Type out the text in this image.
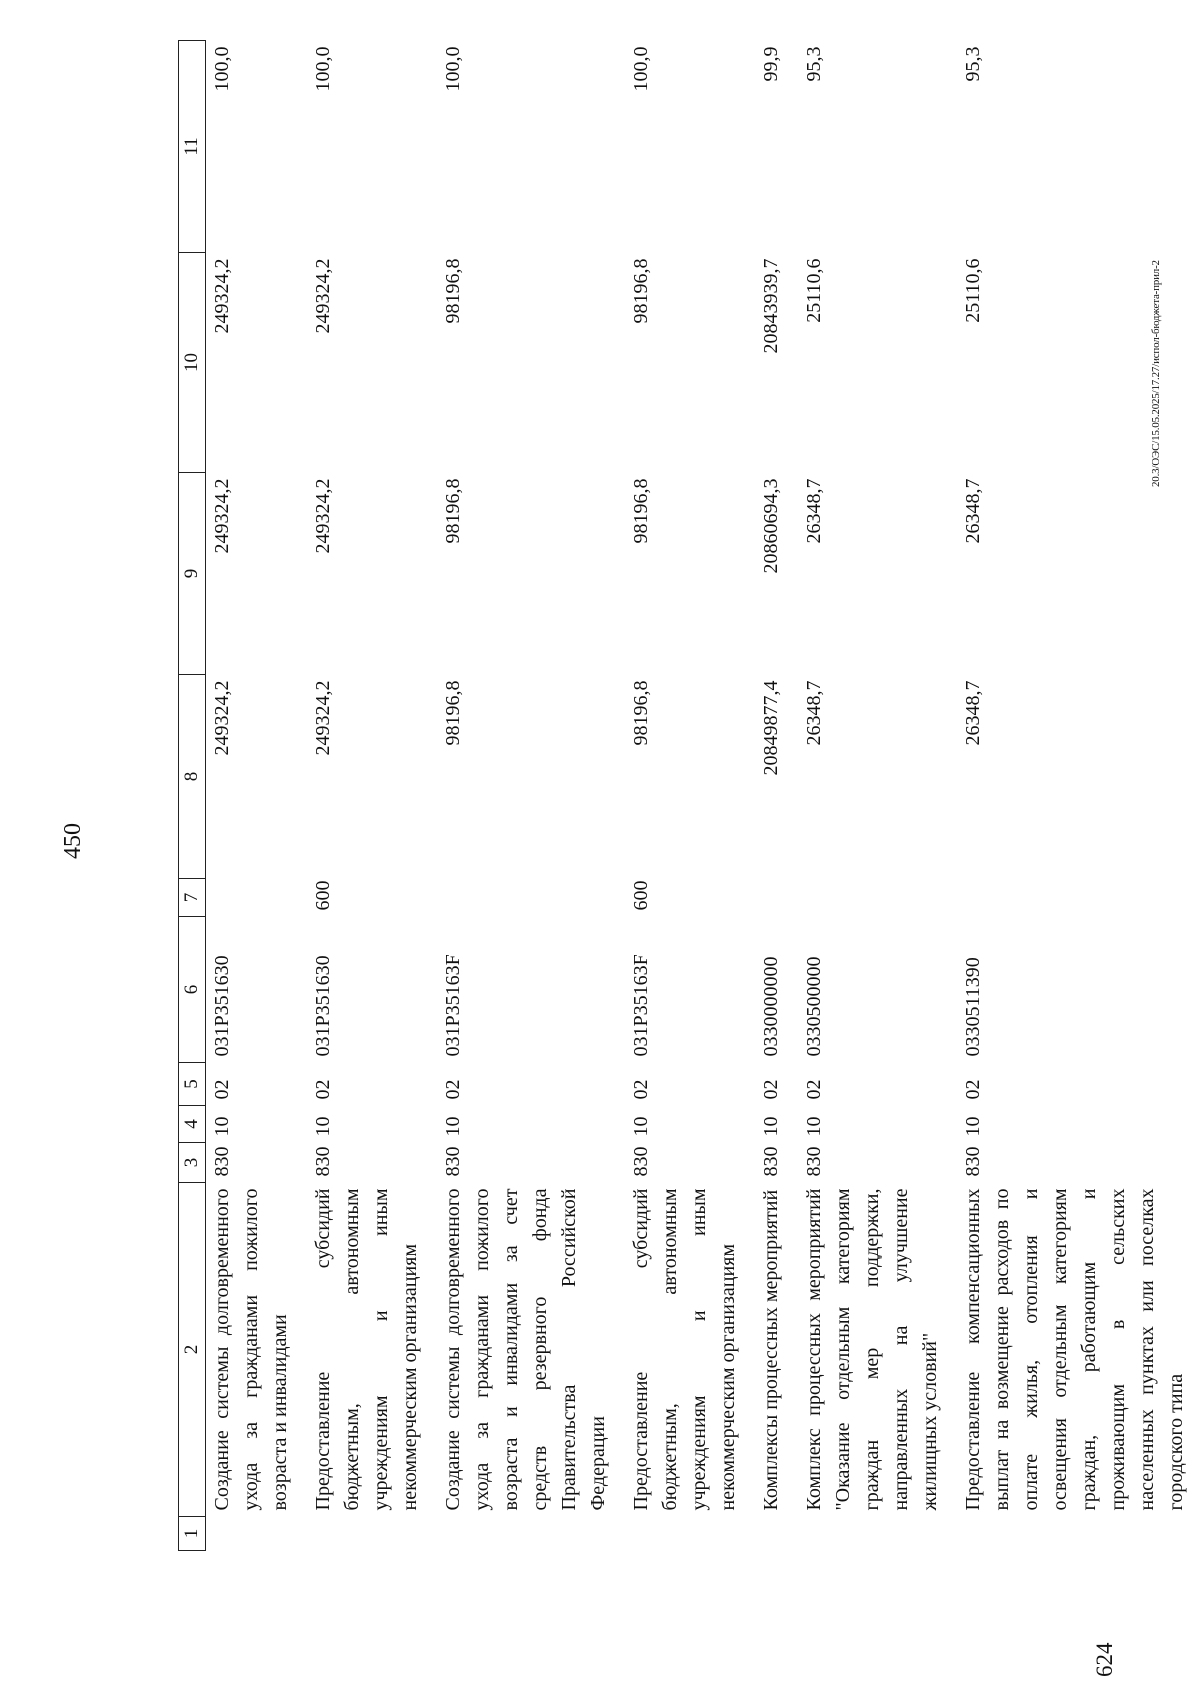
450
1	2	3	4	5	6	7	8	9	10	11
	Создание системы долговременного ухода за гражданами пожилого возраста и инвалидами	830	10	02	031P351630		249324,2	249324,2	249324,2	100,0
	Предоставление субсидий бюджетным, автономным учреждениям и иным некоммерческим организациям	830	10	02	031P351630	600	249324,2	249324,2	249324,2	100,0
	Создание системы долговременного ухода за гражданами пожилого возраста и инвалидами за счет средств резервного фонда Правительства Российской Федерации	830	10	02	031P35163F		98196,8	98196,8	98196,8	100,0
	Предоставление субсидий бюджетным, автономным учреждениям и иным некоммерческим организациям	830	10	02	031P35163F	600	98196,8	98196,8	98196,8	100,0
	Комплексы процессных мероприятий	830	10	02	0330000000		20849877,4	20860694,3	20843939,7	99,9
	Комплекс процессных мероприятий "Оказание отдельным категориям граждан мер поддержки, направленных на улучшение жилищных условий"	830	10	02	0330500000		26348,7	26348,7	25110,6	95,3
	Предоставление компенсационных выплат на возмещение расходов по оплате жилья, отопления и освещения отдельным категориям граждан, работающим и проживающим в сельских населенных пунктах или поселках городского типа	830	10	02	0330511390		26348,7	26348,7	25110,6	95,3
20.3/ОЭС/15.05.2025/17.27/испол-бюджета-прил-2
624
